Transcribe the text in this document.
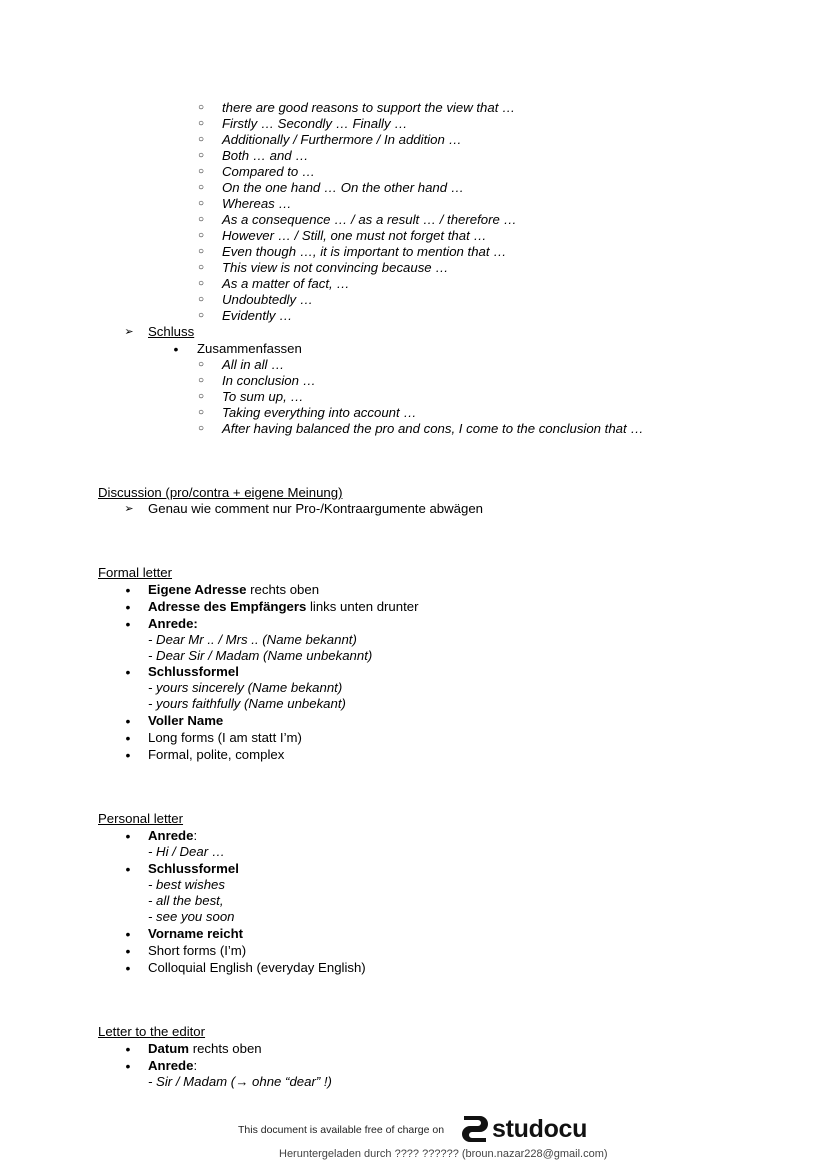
○	there are good reasons to support the view that …
○	Firstly … Secondly … Finally …
○	Additionally / Furthermore / In addition …
○	Both … and …
○	Compared to …
○	On the one hand … On the other hand …
○	Whereas …
○	As a consequence … / as a result … / therefore …
○	However … / Still, one must not forget that …
○	Even though …, it is important to mention that …
○	This view is not convincing because …
○	As a matter of fact, …
○	Undoubtedly …
○	Evidently …
➢ Schluss
•	Zusammenfassen
○	All in all …
○	In conclusion …
○	To sum up, …
○	Taking everything into account …
○	After having balanced the pro and cons, I come to the conclusion that …
Discussion (pro/contra + eigene Meinung)
➢ Genau wie comment nur Pro-/Kontraargumente abwägen
Formal letter
•	Eigene Adresse rechts oben
•	Adresse des Empfängers links unten drunter
•	Anrede:
- Dear Mr .. / Mrs .. (Name bekannt)
- Dear Sir / Madam (Name unbekannt)
•	Schlussformel
- yours sincerely (Name bekannt)
- yours faithfully (Name unbekant)
•	Voller Name
•	Long forms (I am statt I’m)
•	Formal, polite, complex
Personal letter
•	Anrede:
- Hi / Dear …
•	Schlussformel
- best wishes
- all the best,
- see you soon
•	Vorname reicht
•	Short forms (I’m)
•	Colloquial English (everyday English)
Letter to the editor
•	Datum rechts oben
•	Anrede:
- Sir / Madam (→ ohne “dear” !)
This document is available free of charge on studocu
Heruntergeladen durch ???? ?????? (broun.nazar228@gmail.com)
